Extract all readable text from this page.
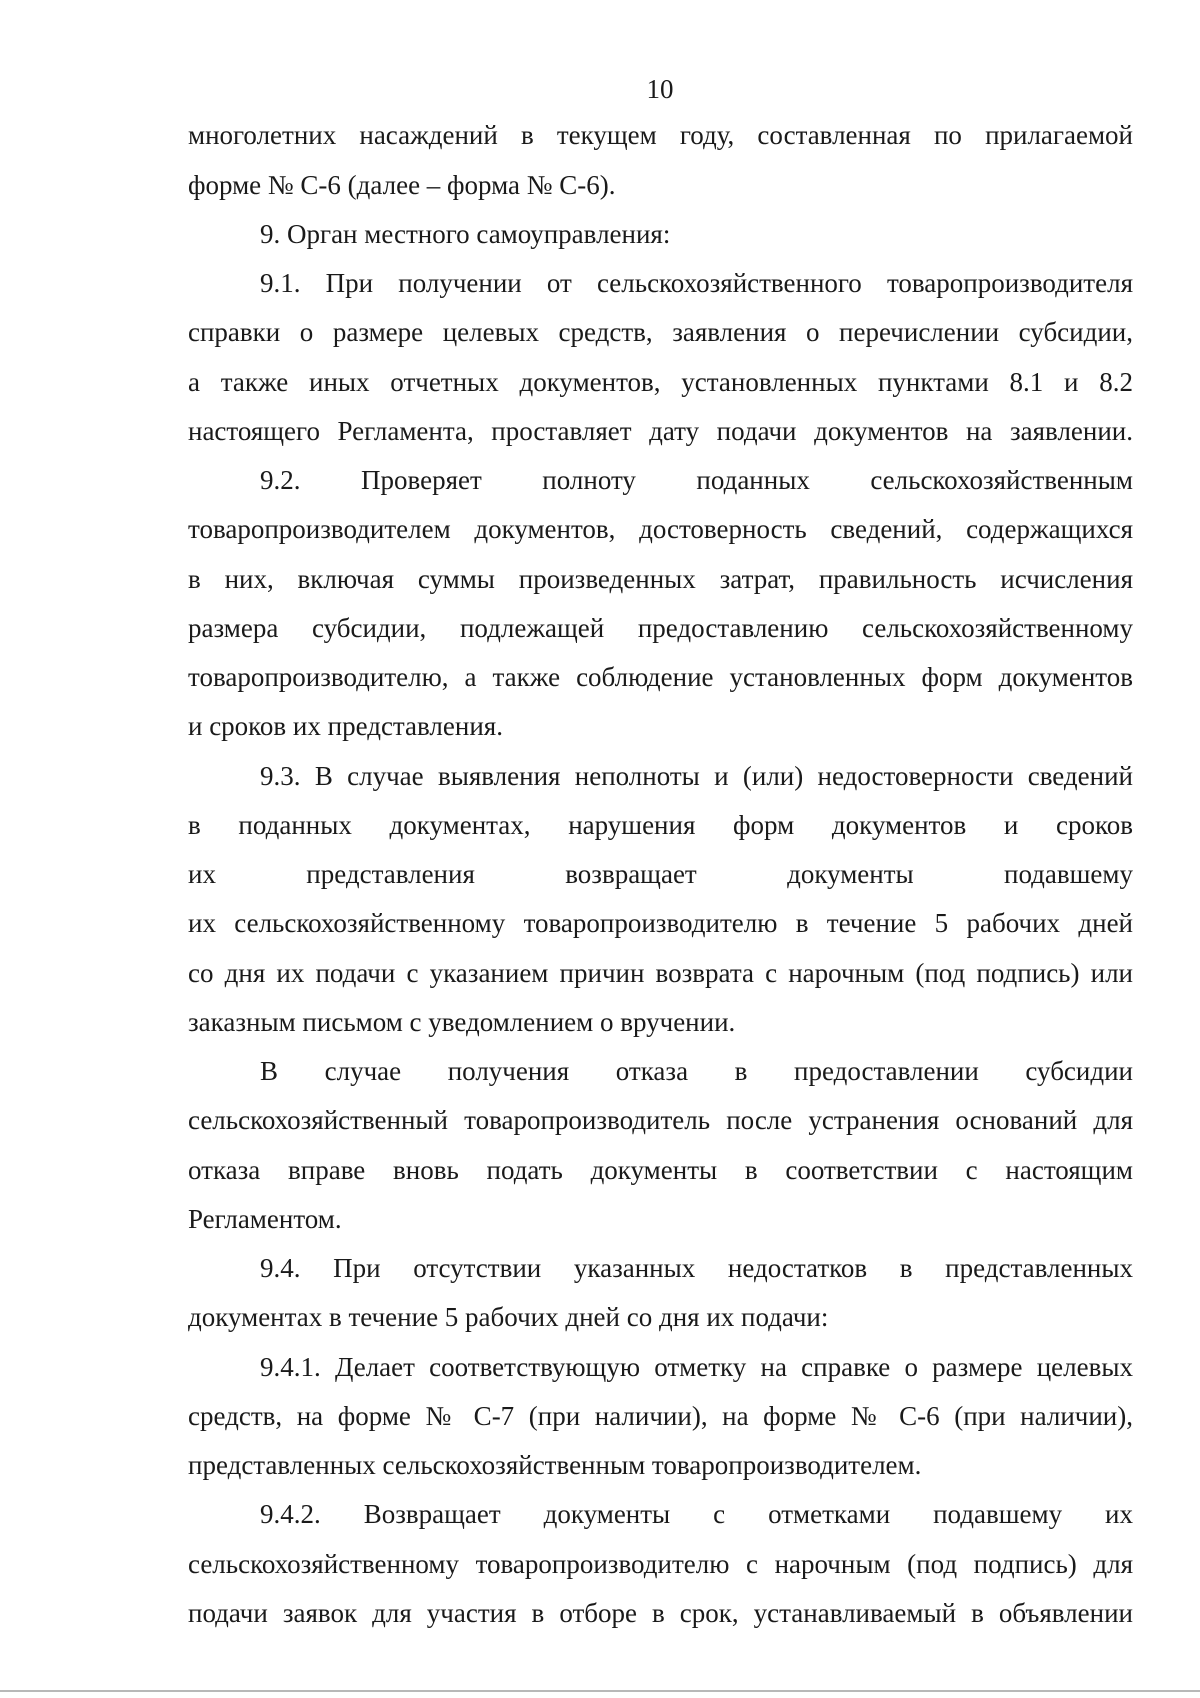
10
многолетних насаждений в текущем году, составленная по прилагаемой
форме № С-6 (далее – форма № С-6).
9. Орган местного самоуправления:
9.1. При получении от сельскохозяйственного товаропроизводителя
справки о размере целевых средств, заявления о перечислении субсидии,
а также иных отчетных документов, установленных пунктами 8.1 и 8.2
настоящего Регламента, проставляет дату подачи документов на заявлении.
9.2. Проверяет полноту поданных сельскохозяйственным
товаропроизводителем документов, достоверность сведений, содержащихся
в них, включая суммы произведенных затрат, правильность исчисления
размера субсидии, подлежащей предоставлению сельскохозяйственному
товаропроизводителю, а также соблюдение установленных форм документов
и сроков их представления.
9.3. В случае выявления неполноты и (или) недостоверности сведений
в поданных документах, нарушения форм документов и сроков
их представления возвращает документы подавшему
их сельскохозяйственному товаропроизводителю в течение 5 рабочих дней
со дня их подачи с указанием причин возврата с нарочным (под подпись) или
заказным письмом с уведомлением о вручении.
В случае получения отказа в предоставлении субсидии
сельскохозяйственный товаропроизводитель после устранения оснований для
отказа вправе вновь подать документы в соответствии с настоящим
Регламентом.
9.4. При отсутствии указанных недостатков в представленных
документах в течение 5 рабочих дней со дня их подачи:
9.4.1. Делает соответствующую отметку на справке о размере целевых
средств, на форме № С-7 (при наличии), на форме № С-6 (при наличии),
представленных сельскохозяйственным товаропроизводителем.
9.4.2. Возвращает документы с отметками подавшему их
сельскохозяйственному товаропроизводителю с нарочным (под подпись) для
подачи заявок для участия в отборе в срок, устанавливаемый в объявлении
